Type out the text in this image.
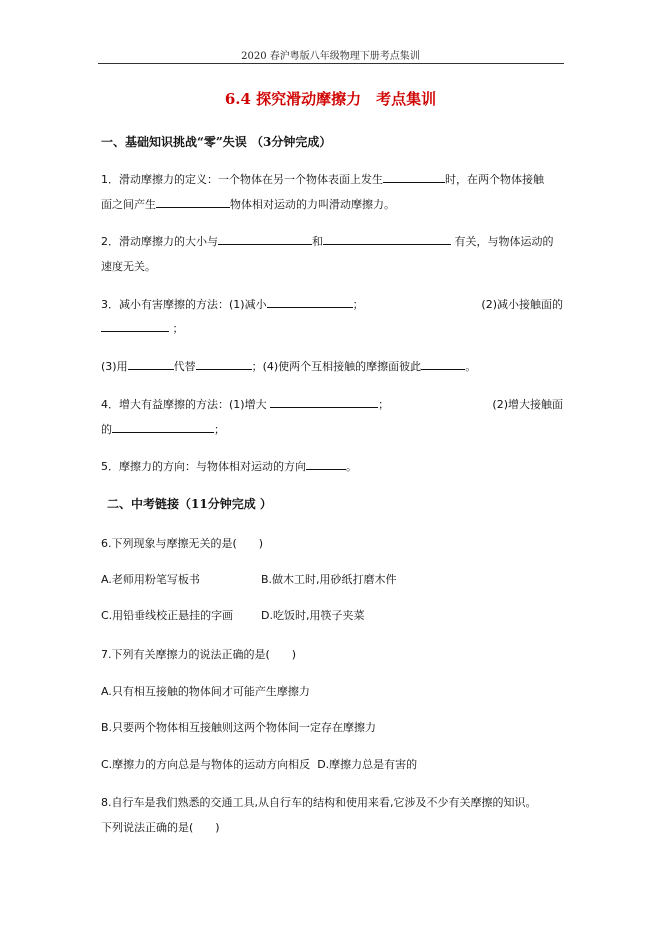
2020 春沪粤版八年级物理下册考点集训
6.4 探究滑动摩擦力　考点集训
一、基础知识挑战“零”失误 （3分钟完成）
1．滑动摩擦力的定义：一个物体在另一个物体表面上发生	时，在两个物体接触
面之间产生	物体相对运动的力叫滑动摩擦力。
2．滑动摩擦力的大小与	和	有关，与物体运动的
速度无关。
3．减小有害摩擦的方法：(1)减小	；	(2)减小接触面的
；
(3)用	代替	；(4)使两个互相接触的摩擦面彼此	。
4．增大有益摩擦的方法：(1)增大	；	(2)增大接触面
的	；
5．摩擦力的方向：与物体相对运动的方向	。
二、中考链接（11分钟完成 ）
6.下列现象与摩擦无关的是(　　)
A.老师用粉笔写板书	B.做木工时,用砂纸打磨木件
C.用铅垂线校正悬挂的字画	D.吃饭时,用筷子夹菜
7.下列有关摩擦力的说法正确的是(　　)
A.只有相互接触的物体间才可能产生摩擦力
B.只要两个物体相互接触则这两个物体间一定存在摩擦力
C.摩擦力的方向总是与物体的运动方向相反 D.摩擦力总是有害的
8.自行车是我们熟悉的交通工具,从自行车的结构和使用来看,它涉及不少有关摩擦的知识。
下列说法正确的是(　　)
